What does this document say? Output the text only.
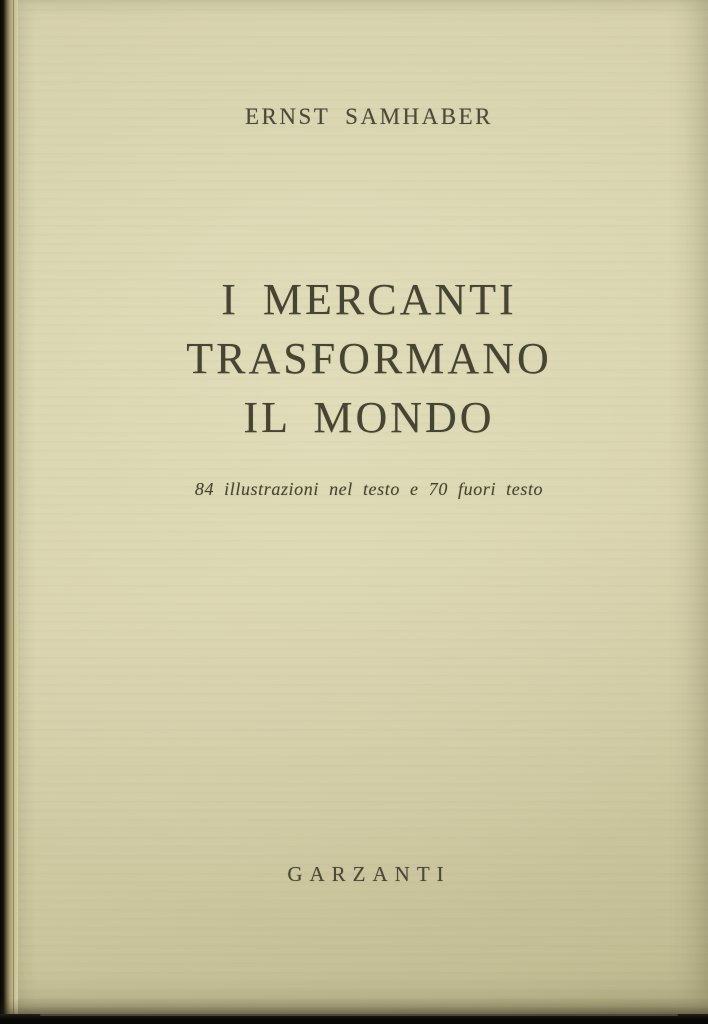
ERNST SAMHABER
I MERCANTI
TRASFORMANO
IL MONDO
84 illustrazioni nel testo e 70 fuori testo
GARZANTI
